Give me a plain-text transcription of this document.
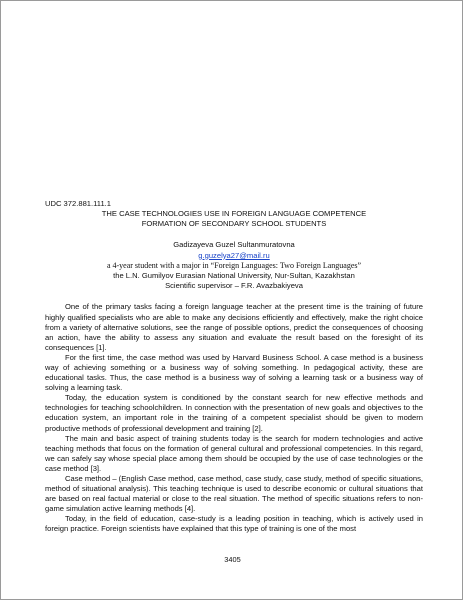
UDC 372.881.111.1

THE CASE TECHNOLOGIES USE IN FOREIGN LANGUAGE COMPETENCE
FORMATION OF SECONDARY SCHOOL STUDENTS
Gadizayeva Guzel Sultanmuratovna
g.guzelya27@mail.ru
a 4-year student with a major in “Foreign Languages: Two Foreign Languages”
the L.N. Gumilyov Eurasian National University, Nur-Sultan, Kazakhstan
Scientific supervisor – F.R. Avazbakiyeva

One of the primary tasks facing a foreign language teacher at the present time is the training of future highly qualified specialists who are able to make any decisions efficiently and effectively, make the right choice from a variety of alternative solutions, see the range of possible options, predict the consequences of choosing an action, have the ability to assess any situation and evaluate the result based on the foresight of its consequences [1].

For the first time, the case method was used by Harvard Business School. A case method is a business way of achieving something or a business way of solving something. In pedagogical activity, these are educational tasks. Thus, the case method is a business way of solving a learning task or a business way of solving a learning task.

Today, the education system is conditioned by the constant search for new effective methods and technologies for teaching schoolchildren. In connection with the presentation of new goals and objectives to the education system, an important role in the training of a competent specialist should be given to modern productive methods of professional development and training [2].

The main and basic aspect of training students today is the search for modern technologies and active teaching methods that focus on the formation of general cultural and professional competencies. In this regard, we can safely say whose special place among them should be occupied by the use of case technologies or the case method [3].

Case method – (English Case method, case method, case study, case study, method of specific situations, method of situational analysis). This teaching technique is used to describe economic or cultural situations that are based on real factual material or close to the real situation. The method of specific situations refers to non-game simulation active learning methods [4].

Today, in the field of education, case-study is a leading position in teaching, which is actively used in foreign practice. Foreign scientists have explained that this type of training is one of the most

3405
